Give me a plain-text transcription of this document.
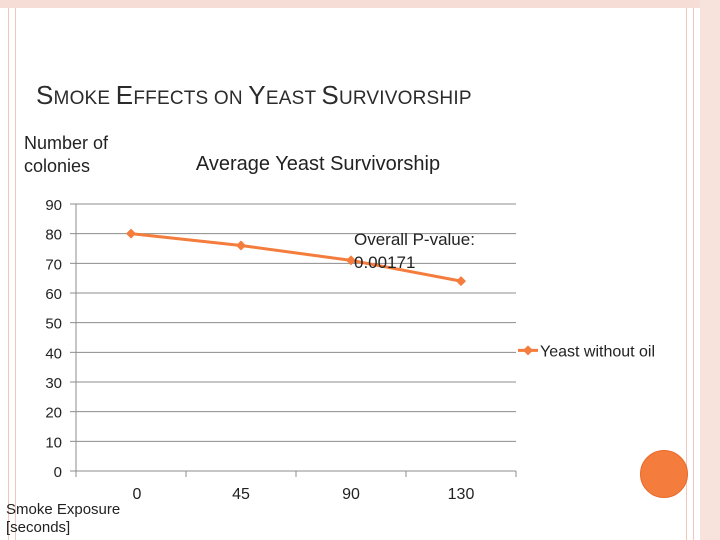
SMOKE EFFECTS ON YEAST SURVIVORSHIP
0
10
20
30
40
50
60
70
80
90
0	45	90	130
Number of
colonies	Average Yeast Survivorship
Overall P-value:
0.00171
Smoke Exposure
[seconds]
Yeast without oil
